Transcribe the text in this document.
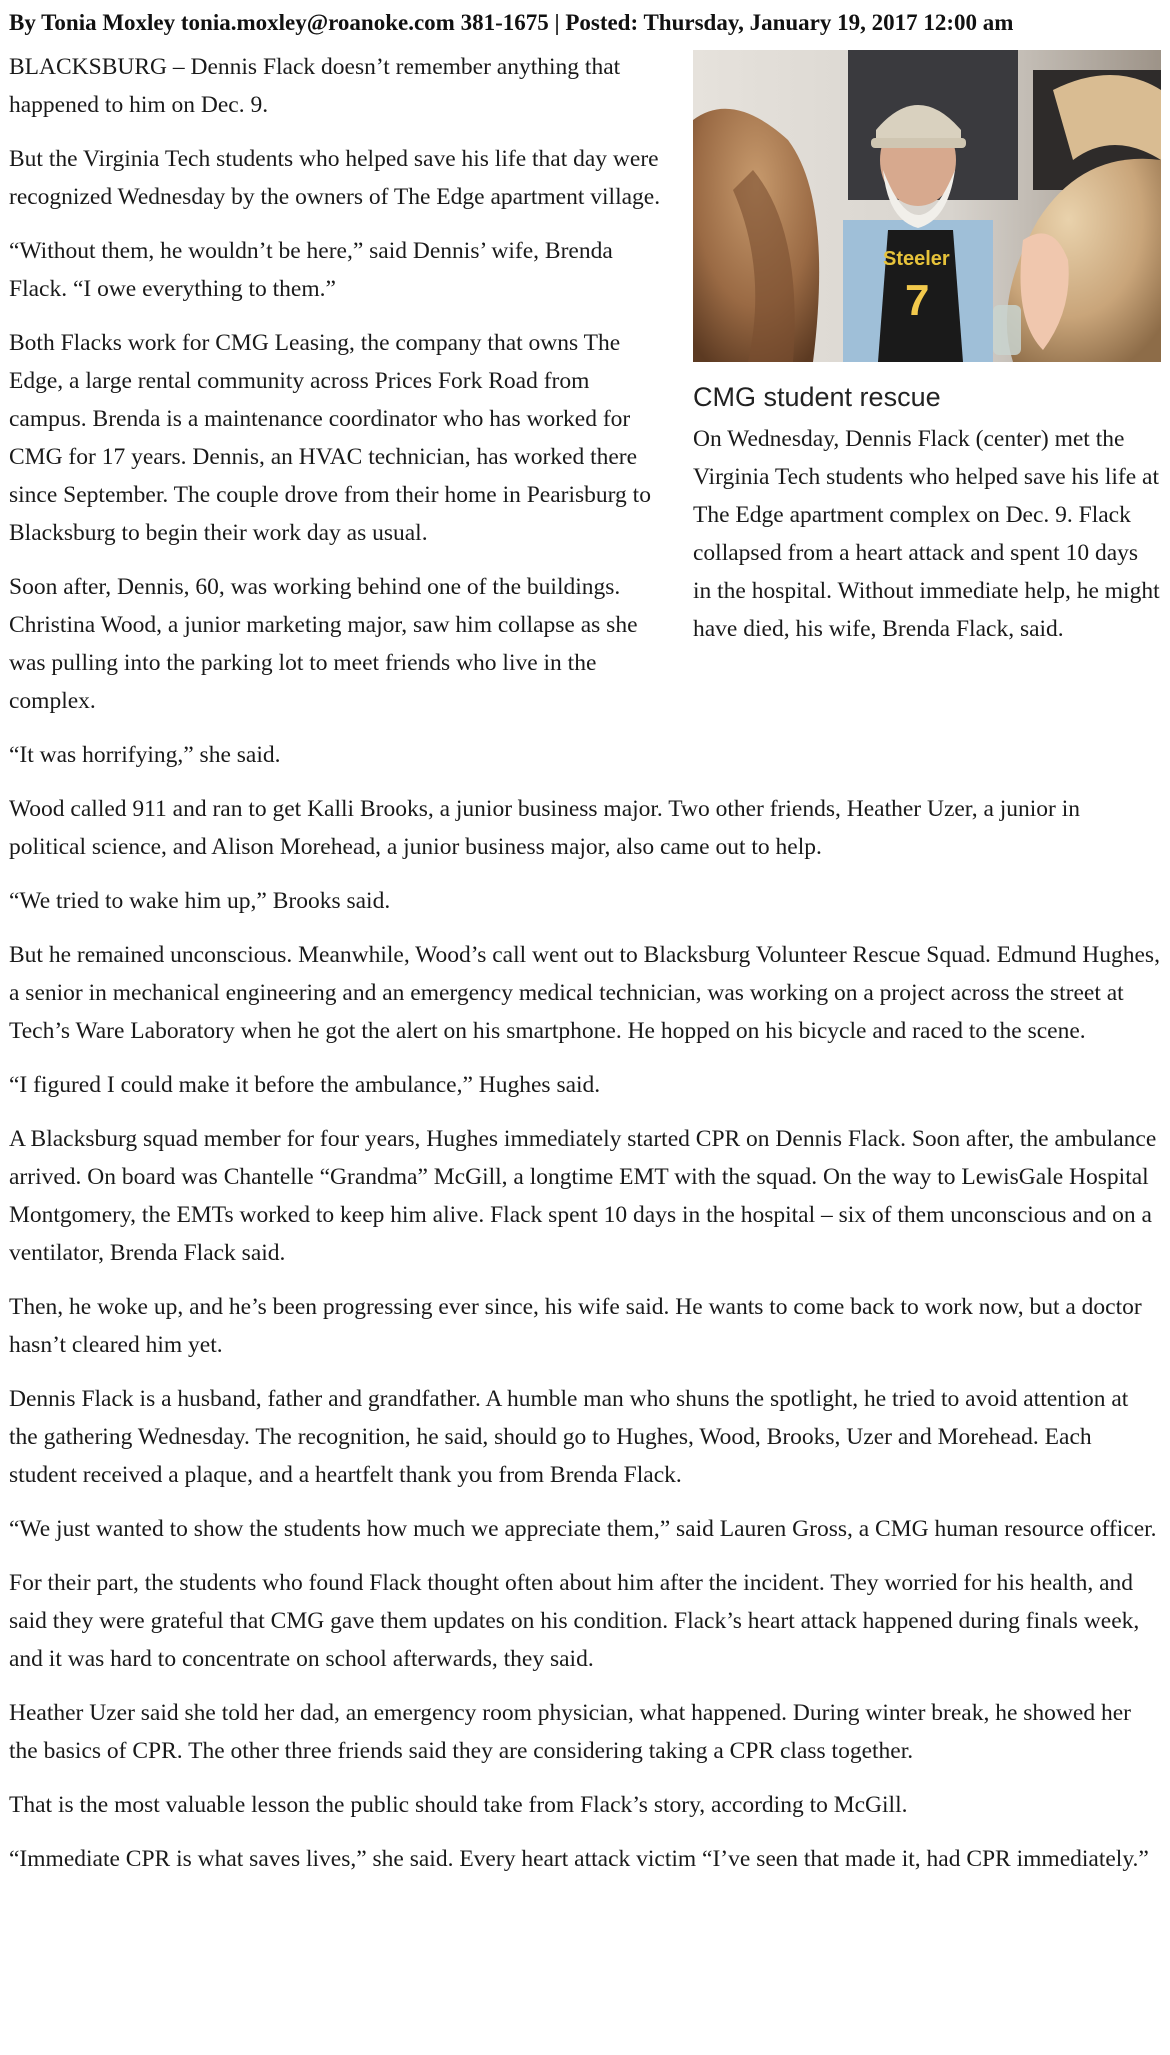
By Tonia Moxley tonia.moxley@roanoke.com 381-1675 | Posted: Thursday, January 19, 2017 12:00 am
Steeler
7
CMG student rescue

On Wednesday, Dennis Flack (center) met the Virginia Tech students who helped save his life at The Edge apartment complex on Dec. 9. Flack collapsed from a heart attack and spent 10 days in the hospital. Without immediate help, he might have died, his wife, Brenda Flack, said.

BLACKSBURG – Dennis Flack doesn’t remember anything that happened to him on Dec. 9.

But the Virginia Tech students who helped save his life that day were recognized Wednesday by the owners of The Edge apartment village.

“Without them, he wouldn’t be here,” said Dennis’ wife, Brenda Flack. “I owe everything to them.”

Both Flacks work for CMG Leasing, the company that owns The Edge, a large rental community across Prices Fork Road from campus. Brenda is a maintenance coordinator who has worked for CMG for 17 years. Dennis, an HVAC technician, has worked there since September. The couple drove from their home in Pearisburg to Blacksburg to begin their work day as usual.

Soon after, Dennis, 60, was working behind one of the buildings. Christina Wood, a junior marketing major, saw him collapse as she was pulling into the parking lot to meet friends who live in the complex.

“It was horrifying,” she said.

Wood called 911 and ran to get Kalli Brooks, a junior business major. Two other friends, Heather Uzer, a junior in political science, and Alison Morehead, a junior business major, also came out to help.

“We tried to wake him up,” Brooks said.

But he remained unconscious. Meanwhile, Wood’s call went out to Blacksburg Volunteer Rescue Squad. Edmund Hughes, a senior in mechanical engineering and an emergency medical technician, was working on a project across the street at Tech’s Ware Laboratory when he got the alert on his smartphone. He hopped on his bicycle and raced to the scene.

“I figured I could make it before the ambulance,” Hughes said.

A Blacksburg squad member for four years, Hughes immediately started CPR on Dennis Flack. Soon after, the ambulance arrived. On board was Chantelle “Grandma” McGill, a longtime EMT with the squad. On the way to LewisGale Hospital Montgomery, the EMTs worked to keep him alive. Flack spent 10 days in the hospital – six of them unconscious and on a ventilator, Brenda Flack said.

Then, he woke up, and he’s been progressing ever since, his wife said. He wants to come back to work now, but a doctor hasn’t cleared him yet.

Dennis Flack is a husband, father and grandfather. A humble man who shuns the spotlight, he tried to avoid attention at the gathering Wednesday. The recognition, he said, should go to Hughes, Wood, Brooks, Uzer and Morehead. Each student received a plaque, and a heartfelt thank you from Brenda Flack.

“We just wanted to show the students how much we appreciate them,” said Lauren Gross, a CMG human resource officer.

For their part, the students who found Flack thought often about him after the incident. They worried for his health, and said they were grateful that CMG gave them updates on his condition. Flack’s heart attack happened during finals week, and it was hard to concentrate on school afterwards, they said.

Heather Uzer said she told her dad, an emergency room physician, what happened. During winter break, he showed her the basics of CPR. The other three friends said they are considering taking a CPR class together.

That is the most valuable lesson the public should take from Flack’s story, according to McGill.

“Immediate CPR is what saves lives,” she said. Every heart attack victim “I’ve seen that made it, had CPR immediately.”
